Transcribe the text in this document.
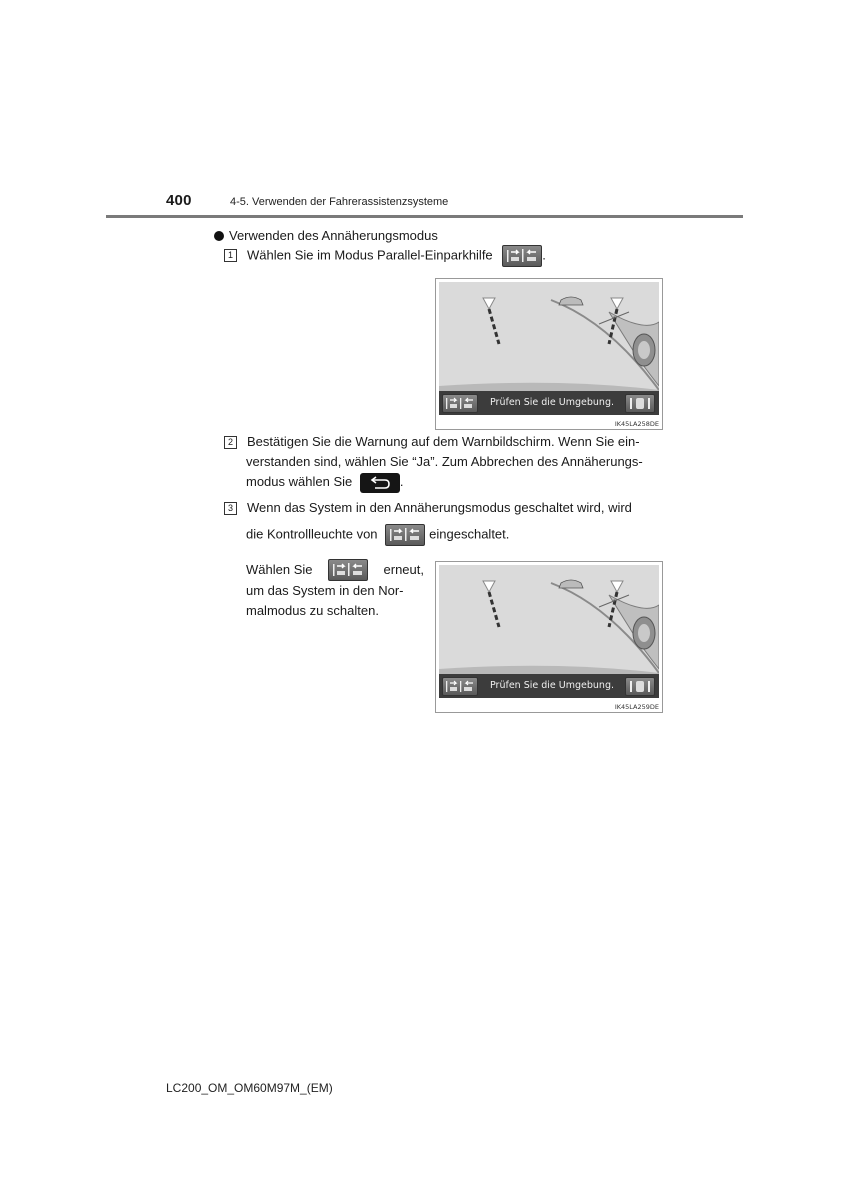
400	4-5. Verwenden der Fahrerassistenzsysteme
Verwenden des Annäherungsmodus
1 Wählen Sie im Modus Parallel-Einparkhilfe	.
Prüfen Sie die Umgebung.
IK45LA258DE
2 Bestätigen Sie die Warnung auf dem Warnbildschirm. Wenn Sie ein-
verstanden sind, wählen Sie “Ja”. Zum Abbrechen des Annäherungs-
modus wählen Sie	.
3 Wenn das System in den Annäherungsmodus geschaltet wird, wird
die Kontrollleuchte von	eingeschaltet.
Wählen Sie	erneut,
um das System in den Nor-
malmodus zu schalten.
Prüfen Sie die Umgebung.
IK45LA259DE
LC200_OM_OM60M97M_(EM)
